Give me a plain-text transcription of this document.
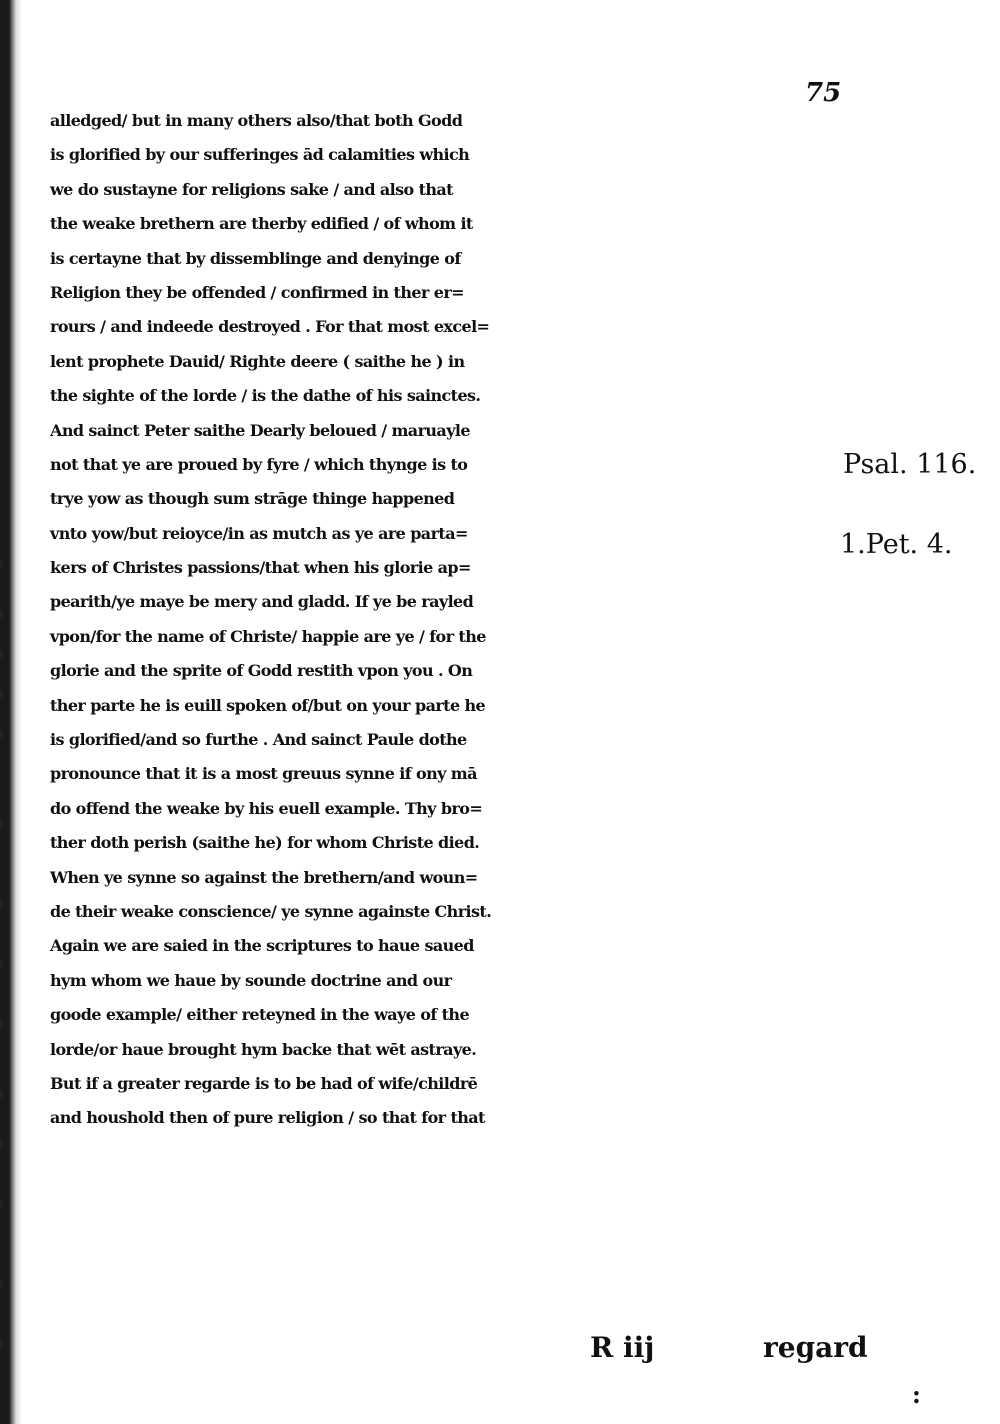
75
alledged/ but in many others also/that both Godd
is glorified by our sufferinges ād calamities which
we do sustayne for religions sake / and also that
the weake brethern are therby edified / of whom it
is certayne that by dissemblinge and denyinge of
Religion they be offended / confirmed in ther er=
rours / and indeede destroyed . For that most excel=
lent prophete Dauid/ Righte deere ( saithe he ) in
the sighte of the lorde / is the dathe of his sainctes.
And sainct Peter saithe Dearly beloued / maruayle
not that ye are proued by fyre / which thynge is to
trye yow as though sum strāge thinge happened
vnto yow/but reioyce/in as mutch as ye are parta=
kers of Christes passions/that when his glorie ap=
pearith/ye maye be mery and gladd. If ye be rayled
vpon/for the name of Christe/ happie are ye / for the
glorie and the sprite of Godd restith vpon you . On
ther parte he is euill spoken of/but on your parte he
is glorified/and so furthe . And sainct Paule dothe
pronounce that it is a most greuus synne if ony mā
do offend the weake by his euell example. Thy bro=
ther doth perish (saithe he) for whom Christe died.
When ye synne so against the brethern/and woun=
de their weake conscience/ ye synne againste Christ.
Again we are saied in the scriptures to haue saued
hym whom we haue by sounde doctrine and our
goode example/ either reteyned in the waye of the
lorde/or haue brought hym backe that wēt astraye.
But if a greater regarde is to be had of wife/childrē
and houshold then of pure religion / so that for that
Psal. 116.
1.Pet. 4.
R iij	regard
:
